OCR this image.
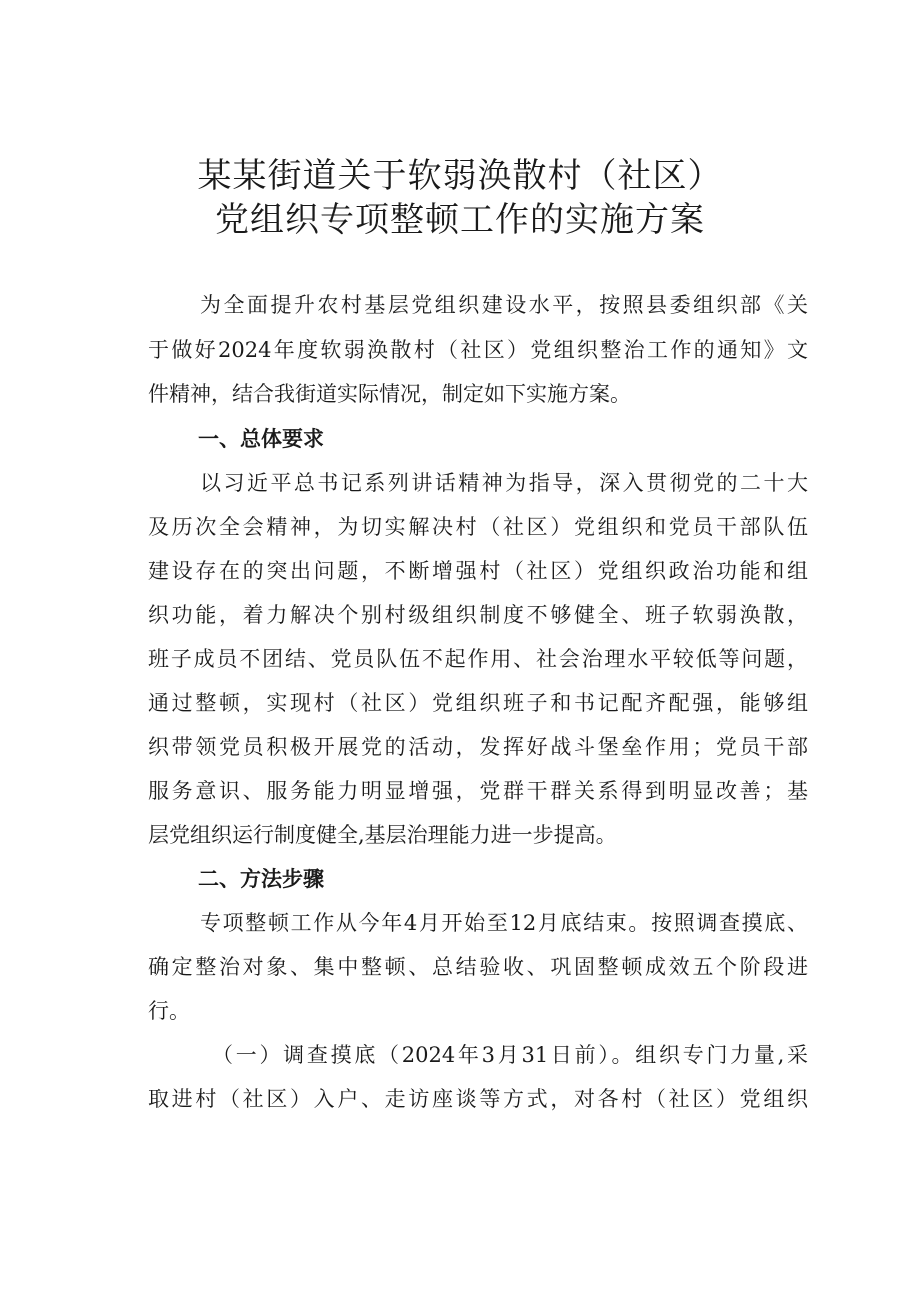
某某街道关于软弱涣散村（社区）
党组织专项整顿工作的实施方案
为全面提升农村基层党组织建设水平，按照县委组织部《关
于做好2024年度软弱涣散村（社区）党组织整治工作的通知》文
件精神，结合我街道实际情况，制定如下实施方案。
一、总体要求
以习近平总书记系列讲话精神为指导，深入贯彻党的二十大
及历次全会精神，为切实解决村（社区）党组织和党员干部队伍
建设存在的突出问题，不断增强村（社区）党组织政治功能和组
织功能，着力解决个别村级组织制度不够健全、班子软弱涣散，
班子成员不团结、党员队伍不起作用、社会治理水平较低等问题，
通过整顿，实现村（社区）党组织班子和书记配齐配强，能够组
织带领党员积极开展党的活动，发挥好战斗堡垒作用；党员干部
服务意识、服务能力明显增强，党群干群关系得到明显改善；基
层党组织运行制度健全,基层治理能力进一步提高。
二、方法步骤
专项整顿工作从今年4月开始至12月底结束。按照调查摸底、
确定整治对象、集中整顿、总结验收、巩固整顿成效五个阶段进
行。
（一）调查摸底（2024年3月31日前）。组织专门力量,采
取进村（社区）入户、走访座谈等方式，对各村（社区）党组织
